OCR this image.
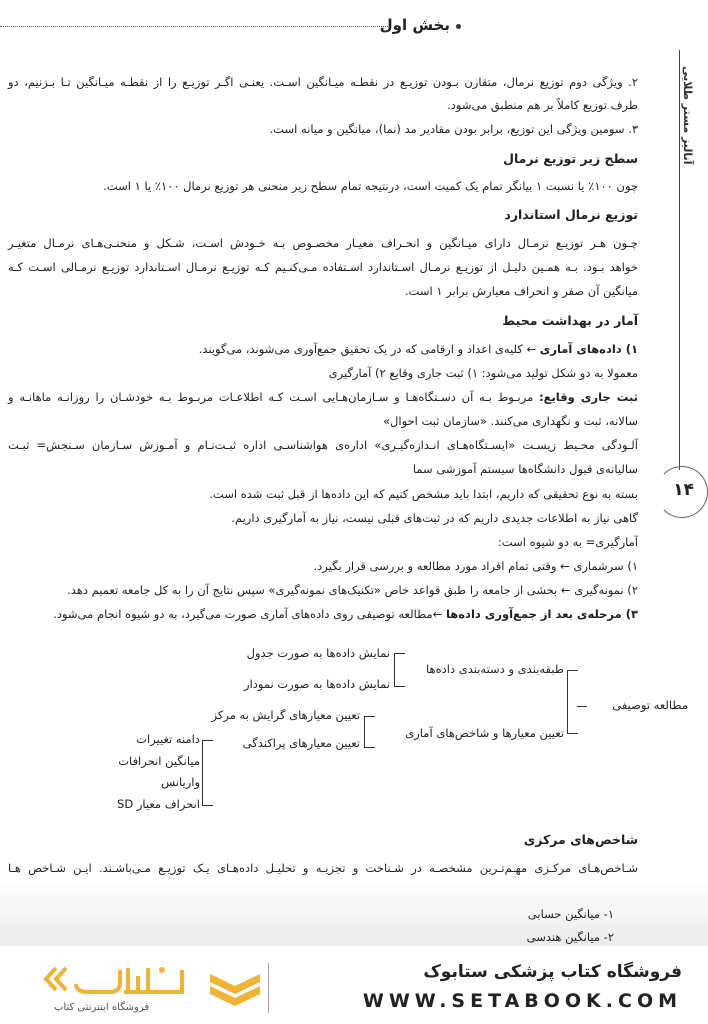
بخش اول
آنالیز مستر طلایی
۱۴
۲. ویژگی دوم توزیع نرمال، متقارن بـودن توزیـع در نقطـه میـانگین اسـت. یعنـی اگـر توزیـع را از نقطـه میـانگین تـا بـزنیم، دو
طرف توزیع کاملاً بر هم منطبق می‌شود.
۳. سومین ویژگی این توزیع، برابر بودن مقادیر مد (نما)، میانگین و میانه است.
سطح زیر توزیع نرمال
چون ۱۰۰٪ یا نسبت ۱ بیانگر تمام یک کمیت است، درنتیجه تمام سطح زیر منحنی هر توزیع نرمال ۱۰۰٪ یا ۱ است.
توزیع نرمال استاندارد
چـون هـر توزیـع نرمـال دارای میـانگین و انحـراف معیـار مخصـوص بـه خـودش اسـت، شـکل و منحنـی‌هـای نرمـال متغیـر
خواهد بـود. بـه همـین دلیـل از توزیـع نرمـال اسـتاندارد اسـتفاده مـی‌کنـیم کـه توزیـع نرمـال اسـتاندارد توزیـع نرمـالی اسـت کـه
میانگین آن صفر و انحراف معیارش برابر ۱ است.
آمار در بهداشت محیط
۱) داده‌های آماری ← کلیه‌ی اعداد و ارقامی که در یک تحقیق جمع‌آوری می‌شوند، می‌گویند.
معمولا به دو شکل تولید می‌شود: ۱) ثبت جاری وقایع ۲) آمارگیری
ثبت جاری وقایع: مربـوط بـه آن دسـتگاه‌هـا و سـازمان‌هـایی اسـت کـه اطلاعـات مربـوط بـه خودشـان را روزانـه ماهانـه و
سالانه، ثبت و نگهداری می‌کنند. «سازمان ثبت احوال»
آلـودگی محـیط زیسـت «ایسـتگاه‌هـای انـدازه‌گیـری» اداره‌ی هواشناسـی اداره ثبـت‌نـام و آمـوزش سـازمان سـنجش= ثبـت
سالیانه‌ی قبول دانشگاه‌ها سیستم آموزشی سما
بسته به نوع تحقیقی که داریم، ابتدا باید مشخص کنیم که این داده‌ها از قبل ثبت شده است.
گاهی نیاز به اطلاعات جدیدی داریم که در ثبت‌های قبلی نیست، نیاز به آمارگیری داریم.
آمارگیری= به دو شیوه است:
۱) سرشماری ← وقتی تمام افراد مورد مطالعه و بررسی قرار بگیرد.
۲) نمونه‌گیری ← بخشی از جامعه را طبق قواعد خاص «تکنیک‌های نمونه‌گیری» سپس نتایج آن را به کل جامعه تعمیم دهد.
۳) مرحله‌ی بعد از جمع‌آوری داده‌ها ←مطالعه توصیفی روی داده‌های آماری صورت می‌گیرد، به دو شیوه انجام می‌شود.
مطالعه توصیفی
طبقه‌بندی و دسته‌بندی داده‌ها
تعیین معیارها و شاخص‌های آماری
نمایش داده‌ها به صورت جدول
نمایش داده‌ها به صورت نمودار
تعیین معیارهای گرایش به مرکز
تعیین معیارهای پراکندگی
دامنه تغییرات
میانگین انحرافات
واریانس
انحراف معیار SD
شاخص‌های مرکزی
شـاخص‌هـای مرکـزی مهـم‌تـرین مشخصـه در شـناخت و تجزیـه و تحلیـل داده‌هـای یـک توزیـع مـی‌باشـند. ایـن شـاخص هـا
۱- میانگین حسابی
۲- میانگین هندسی
فروشگاه کتاب پزشکی ستابوک
WWW.SETABOOK.COM
فروشگاه اینترنتی کتاب
